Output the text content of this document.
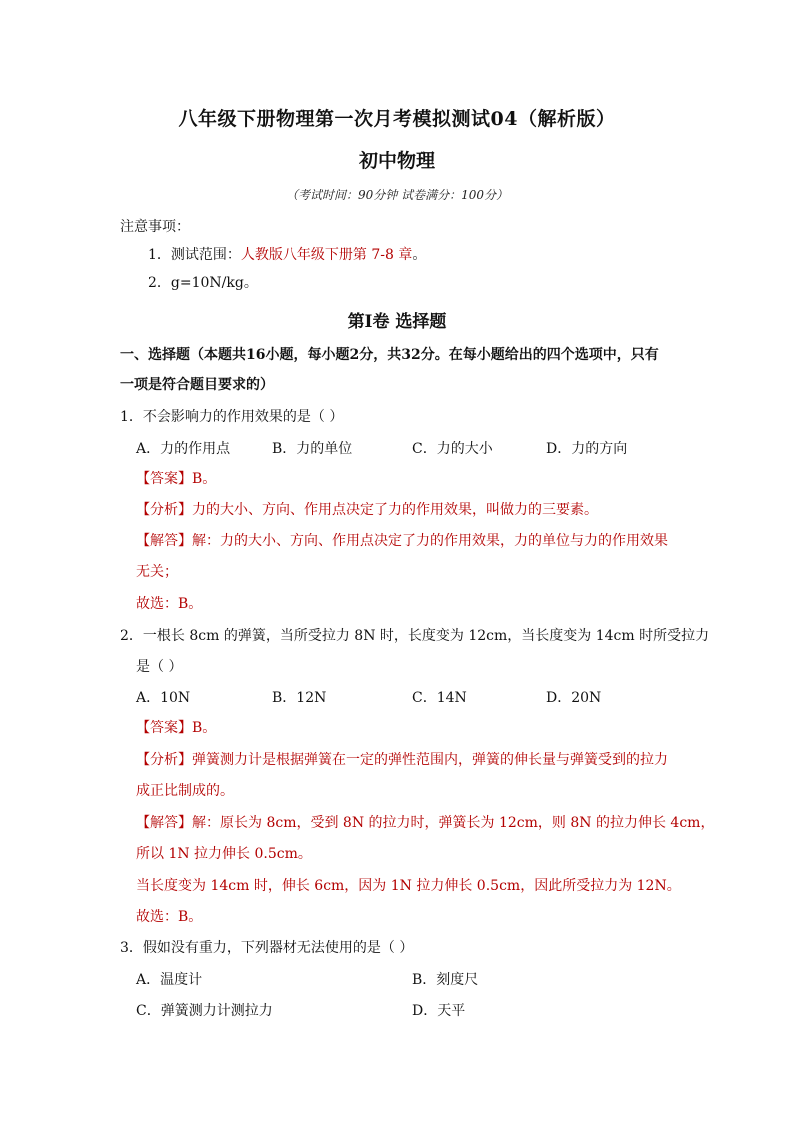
八年级下册物理第一次月考模拟测试04（解析版）
初中物理
（考试时间：90分钟 试卷满分：100分）
注意事项：
1．测试范围：人教版八年级下册第 7-8 章。
2．g=10N/kg。
第Ⅰ卷 选择题
一、选择题（本题共16小题，每小题2分，共32分。在每小题给出的四个选项中，只有
一项是符合题目要求的）
1．不会影响力的作用效果的是（ ）
A．力的作用点	B．力的单位	C．力的大小	D．力的方向
【答案】B。
【分析】力的大小、方向、作用点决定了力的作用效果，叫做力的三要素。
【解答】解：力的大小、方向、作用点决定了力的作用效果，力的单位与力的作用效果
无关；
故选：B。
2．一根长 8cm 的弹簧，当所受拉力 8N 时，长度变为 12cm，当长度变为 14cm 时所受拉力
是（ ）
A．10N	B．12N	C．14N	D．20N
【答案】B。
【分析】弹簧测力计是根据弹簧在一定的弹性范围内，弹簧的伸长量与弹簧受到的拉力
成正比制成的。
【解答】解：原长为 8cm，受到 8N 的拉力时，弹簧长为 12cm，则 8N 的拉力伸长 4cm，
所以 1N 拉力伸长 0.5cm。
当长度变为 14cm 时，伸长 6cm，因为 1N 拉力伸长 0.5cm，因此所受拉力为 12N。
故选：B。
3．假如没有重力，下列器材无法使用的是（ ）
A．温度计	B．刻度尺
C．弹簧测力计测拉力	D．天平
